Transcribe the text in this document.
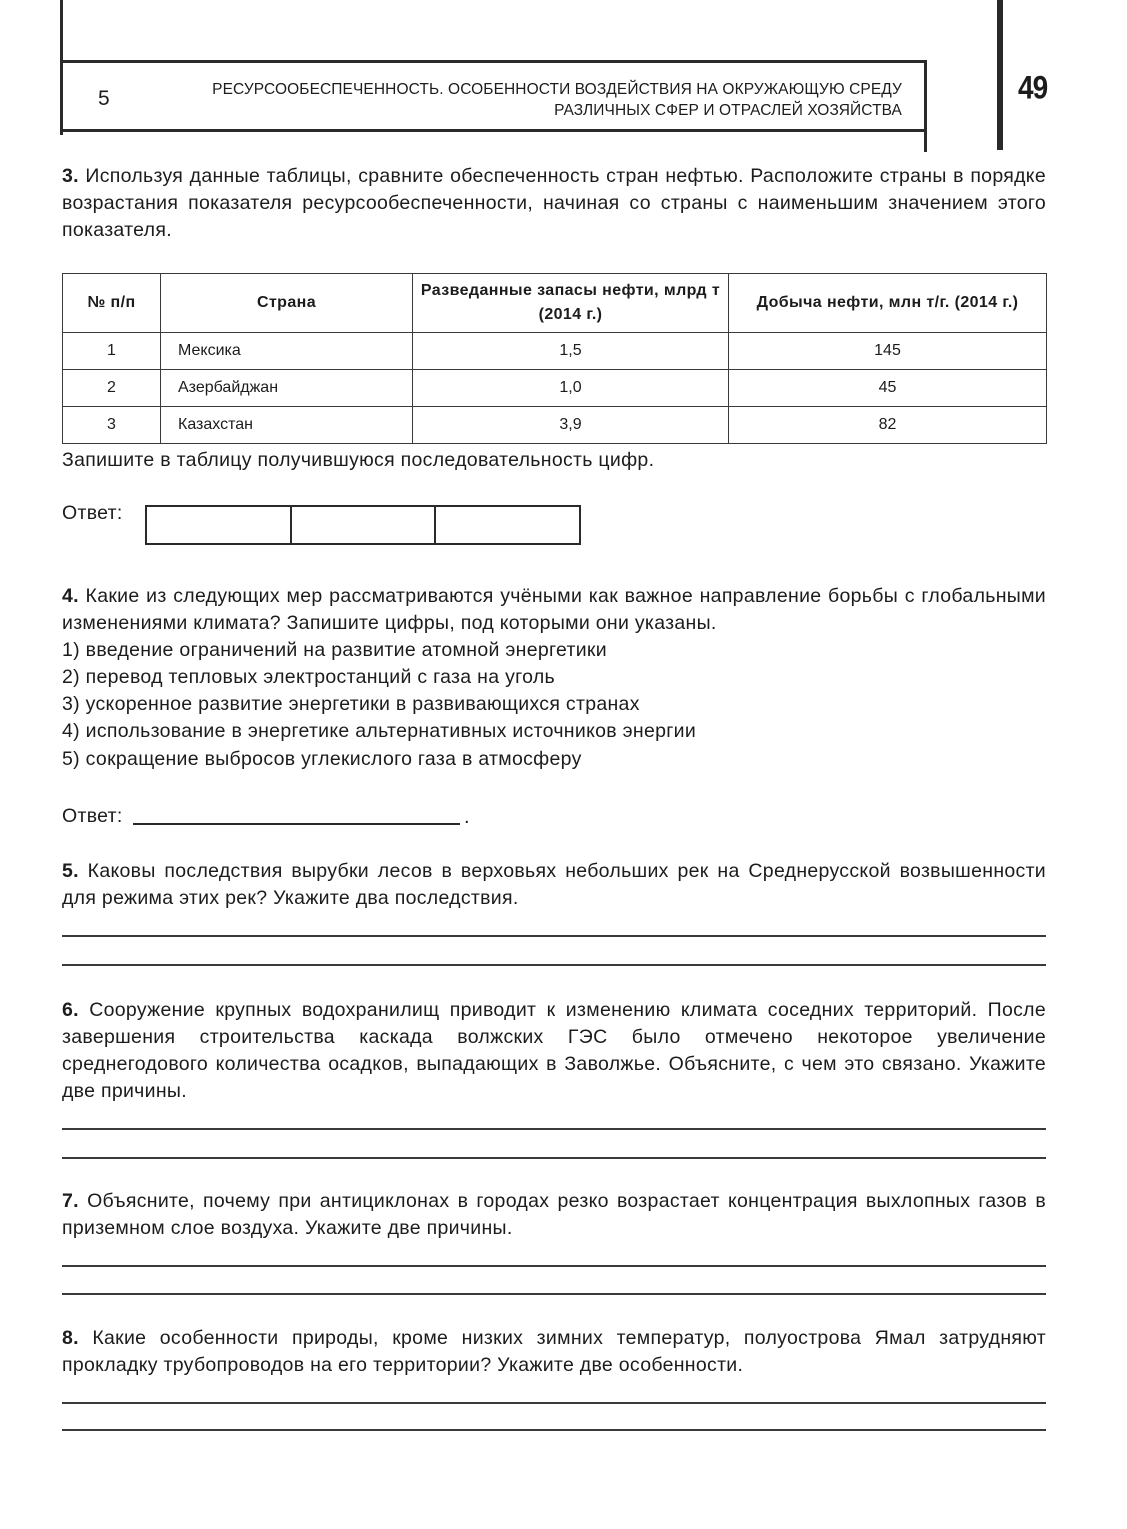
5	РЕСУРСООБЕСПЕЧЕННОСТЬ. ОСОБЕННОСТИ ВОЗДЕЙСТВИЯ НА ОКРУЖАЮЩУЮ СРЕДУ
РАЗЛИЧНЫХ СФЕР И ОТРАСЛЕЙ ХОЗЯЙСТВА
49
3. Используя данные таблицы, сравните обеспеченность стран нефтью. Расположите страны в порядке возрастания показателя ресурсообеспеченности, начиная со страны с наименьшим значением этого показателя.
№ п/п	Страна	Разведанные запасы нефти, млрд т (2014 г.)	Добыча нефти, млн т/г. (2014 г.)
1	Мексика	1,5	145
2	Азербайджан	1,0	45
3	Казахстан	3,9	82
Запишите в таблицу получившуюся последовательность цифр.
Ответ:
4. Какие из следующих мер рассматриваются учёными как важное направление борьбы с глобальными изменениями климата? Запишите цифры, под которыми они указаны.
1) введение ограничений на развитие атомной энергетики
2) перевод тепловых электростанций с газа на уголь
3) ускоренное развитие энергетики в развивающихся странах
4) использование в энергетике альтернативных источников энергии
5) сокращение выбросов углекислого газа в атмосферу
Ответ:	.
5. Каковы последствия вырубки лесов в верховьях небольших рек на Среднерусской возвышенности для режима этих рек? Укажите два последствия.
6. Сооружение крупных водохранилищ приводит к изменению климата соседних территорий. После завершения строительства каскада волжских ГЭС было отмечено некоторое увеличение среднегодового количества осадков, выпадающих в Заволжье. Объясните, с чем это связано. Укажите две причины.
7. Объясните, почему при антициклонах в городах резко возрастает концентрация выхлопных газов в приземном слое воздуха. Укажите две причины.
8. Какие особенности природы, кроме низких зимних температур, полуострова Ямал затрудняют прокладку трубопроводов на его территории? Укажите две особенности.
